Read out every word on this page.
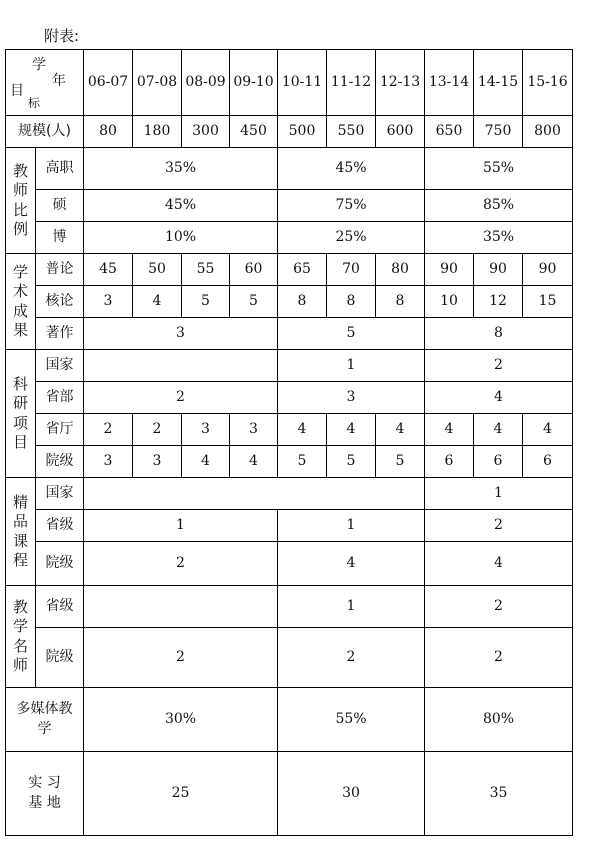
附表:
学
年
目
标		06-07	07-08	08-09	09-10	10-11	11-12	12-13	13-14	14-15	15-16
规模(人)		80	180	300	450	500	550	600	650	750	800

教师比例	高职	35%				45%			55%		
	硕	45%				75%			85%		
	博	10%				25%			35%		

学术成果	普论	45	50	55	60	65	70	80	90	90	90
	核论	3	4	5	5	8	8	8	10	12	15
	著作	3				5			8		

科研项目	国家					1			2		
	省部	2				3			4		
	省厅	2	2	3	3	4	4	4	4	4	4
	院级	3	3	4	4	5	5	5	6	6	6

精品课程	国家								1		
	省级	1				1			2		
	院级	2				4			4		

教学名师	省级					1			2		
	院级	2				2			2		

多媒体教学		30%				55%			80%		

实 习 基 地		25				30			35		
